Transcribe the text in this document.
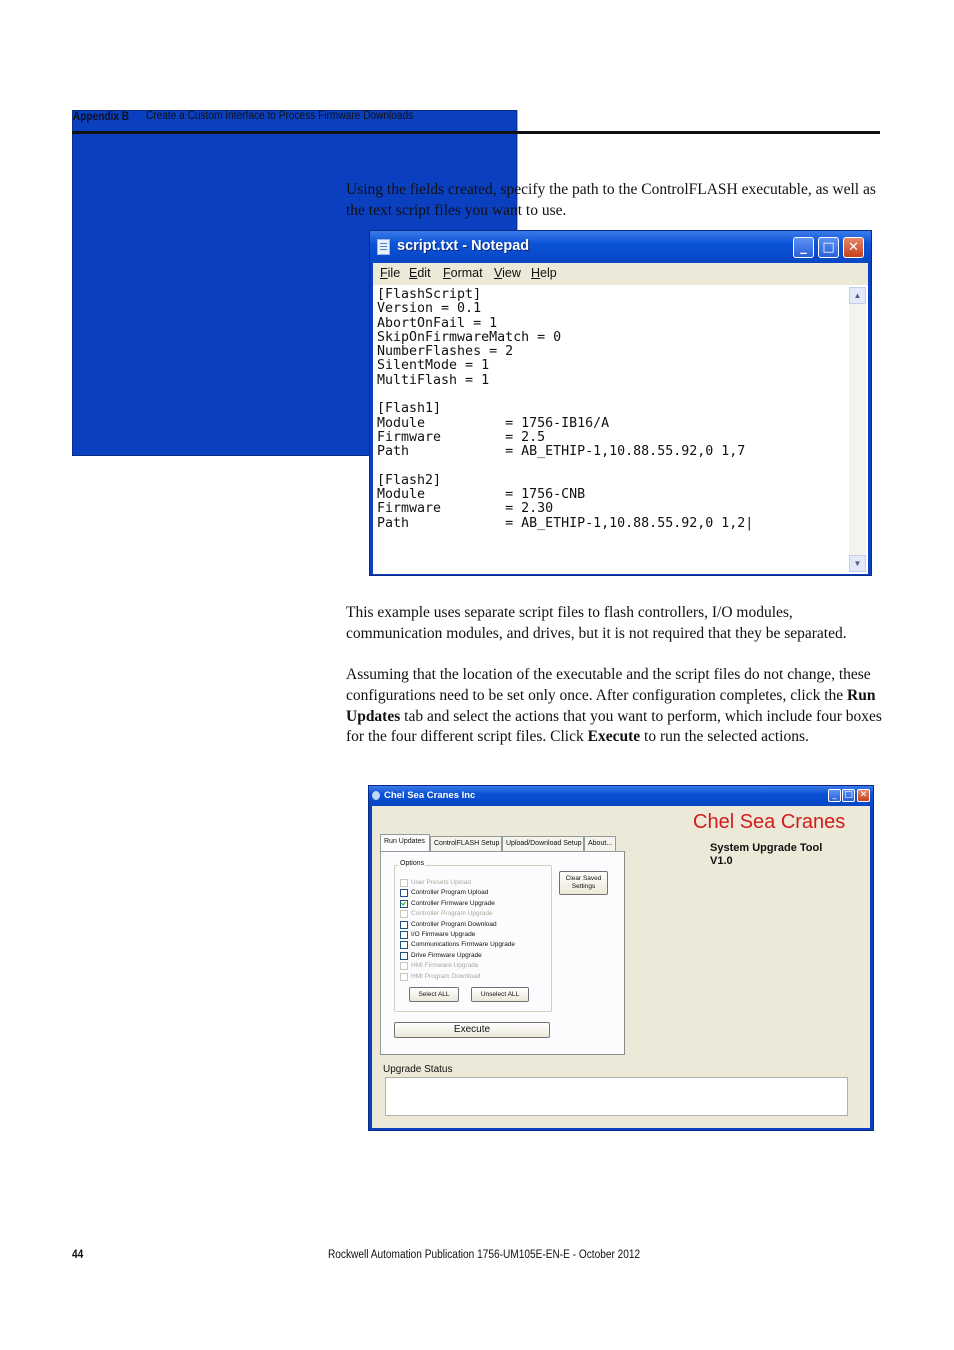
Appendix B	Create a Custom Interface to Process Firmware Downloads
Using the fields created, specify the path to the ControlFLASH executable, as well as the text script files you want to use.
script.txt - Notepad	_	□	✕
File Edit Format View Help
[FlashScript]
Version = 0.1
AbortOnFail = 1
SkipOnFirmwareMatch = 0
NumberFlashes = 2
SilentMode = 1
MultiFlash = 1
[Flash1]
Module          = 1756-IB16/A
Firmware        = 2.5
Path            = AB_ETHIP-1,10.88.55.92,0 1,7
[Flash2]
Module          = 1756-CNB
Firmware        = 2.30
Path            = AB_ETHIP-1,10.88.55.92,0 1,2|
▲
▼
This example uses separate script files to flash controllers, I/O modules, communication modules, and drives, but it is not required that they be separated.
Assuming that the location of the executable and the script files do not change, these configurations need to be set only once. After configuration completes, click the Run Updates tab and select the actions that you want to perform, which include four boxes for the four different script files. Click Execute to run the selected actions.
Chel Sea Cranes Inc	_ □ ✕
Chel Sea Cranes
System Upgrade Tool
V1.0
Run Updates	ControlFLASH Setup Upload/Download Setup About...
Options
User Presets Upload
Controller Program Upload
Controller Firmware Upgrade
Controller Program Upgrade
Controller Program Download
I/O Firmware Upgrade
Communications Firmware Upgrade
Drive Firmware Upgrade
HMI Firmware Upgrade
HMI Program Download
Select ALL	Unselect ALL
Clear Saved
Settings
Execute
Upgrade Status
44	Rockwell Automation Publication 1756-UM105E-EN-E - October 2012
